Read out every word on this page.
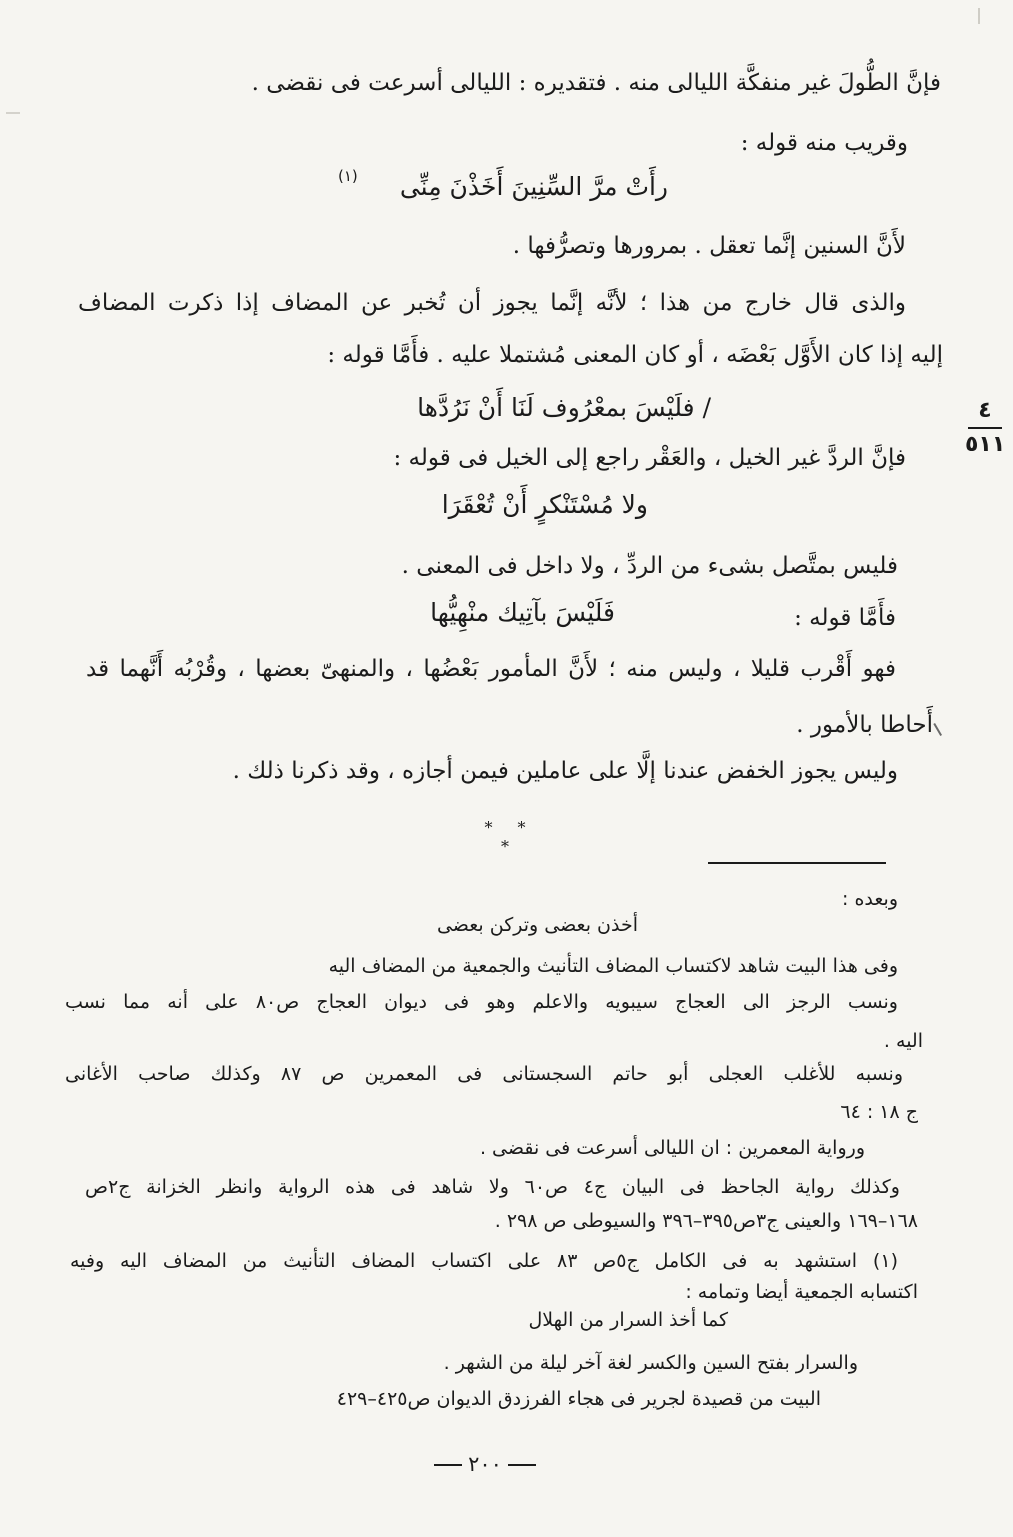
فإنَّ الطُّولَ غير منفكَّة الليالى منه . فتقديره : الليالى أسرعت فى نقضى .
وقريب منه قوله :
رأَتْ مرَّ السِّنِينَ أَخَذْنَ مِنِّى
(١)
لأَنَّ السنين إنَّما تعقل . بمرورها وتصرُّفها .
والذى قال خارج من هذا ؛ لأنَّه إنَّما يجوز أن تُخبر عن المضاف إذا ذكرت المضاف
إليه إذا كان الأَوَّل بَعْضَه ، أو كان المعنى مُشتملا عليه . فأَمَّا قوله :
/ فلَيْسَ بمعْرُوف لَنَا أَنْ نَرُدَّها
فإنَّ الردَّ غير الخيل ، والعَقْر راجع إلى الخيل فى قوله :
ولا مُسْتَنْكرٍ أَنْ تُعْقَرَا
فليس بمتَّصل بشىء من الردِّ ، ولا داخل فى المعنى .
فأَمَّا قوله :
فَلَيْسَ بآتِيك منْهِيُّها
فهو أَقْرب قليلا ، وليس منه ؛ لأَنَّ المأمور بَعْضُها ، والمنهىّ بعضها ، وقُرْبُه أَنَّهما قد
أَحاطا بالأمور .
وليس يجوز الخفض عندنا إلَّا على عاملين فيمن أجازه ، وقد ذكرنا ذلك .
* * *
٤
٥١١
وبعده :
أخذن بعضى وتركن بعضى
وفى هذا البيت شاهد لاكتساب المضاف التأنيث والجمعية من المضاف اليه
ونسب الرجز الى العجاج سيبويه والاعلم وهو فى ديوان العجاج ص٨٠ على أنه مما نسب
اليه .
ونسبه للأغلب العجلى أبو حاتم السجستانى فى المعمرين ص ٨٧ وكذلك صاحب الأغانى
ج ١٨ : ٦٤
ورواية المعمرين : ان الليالى أسرعت فى نقضى .
وكذلك رواية الجاحظ فى البيان ج٤ ص٦٠ ولا شاهد فى هذه الرواية وانظر الخزانة ج٢ص
١٦٨–١٦٩ والعينى ج٣ص٣٩٥–٣٩٦ والسيوطى ص ٢٩٨ .
(١) استشهد به فى الكامل ج٥ص ٨٣ على اكتساب المضاف التأنيث من المضاف اليه وفيه
اكتسابه الجمعية أيضا وتمامه :
كما أخذ السرار من الهلال
والسرار بفتح السين والكسر لغة آخر ليلة من الشهر .
البيت من قصيدة لجرير فى هجاء الفرزدق الديوان ص٤٢٥–٤٢٩
٢٠٠
